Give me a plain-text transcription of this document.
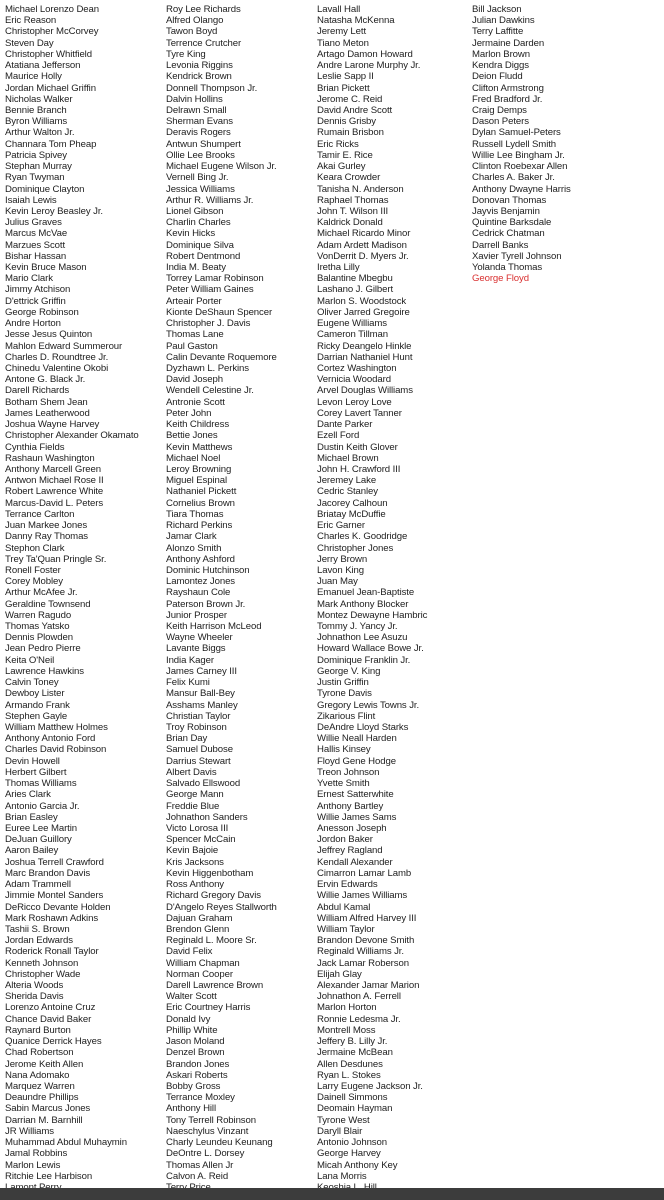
Michael Lorenzo Dean
Eric Reason
Christopher McCorvey
Steven Day
Christopher Whitfield
Atatiana Jefferson
Maurice Holly
Jordan Michael Griffin
Nicholas Walker
Bennie Branch
Byron Williams
Arthur Walton Jr.
Channara Tom Pheap
Patricia Spivey
Stephan Murray
Ryan Twyman
Dominique Clayton
Isaiah Lewis
Kevin Leroy Beasley Jr.
Julius Graves
Marcus McVae
Marzues Scott
Bishar Hassan
Kevin Bruce Mason
Mario Clark
Jimmy Atchison
D'ettrick Griffin
George Robinson
Andre Horton
Jesse Jesus Quinton
Mahlon Edward Summerour
Charles D. Roundtree Jr.
Chinedu Valentine Okobi
Antone G. Black Jr.
Darell Richards
Botham Shem Jean
James Leatherwood
Joshua Wayne Harvey
Christopher Alexander Okamato
Cynthia Fields
Rashaun Washington
Anthony Marcell Green
Antwon Michael Rose II
Robert Lawrence White
Marcus-David L. Peters
Terrance Carlton
Juan Markee Jones
Danny Ray Thomas
Stephon Clark
Trey Ta'Quan Pringle Sr.
Ronell Foster
Corey Mobley
Arthur McAfee Jr.
Geraldine Townsend
Warren Ragudo
Thomas Yatsko
Dennis Plowden
Jean Pedro Pierre
Keita O'Neil
Lawrence Hawkins
Calvin Toney
Dewboy Lister
Armando Frank
Stephen Gayle
William Matthew Holmes
Anthony Antonio Ford
Charles David Robinson
Devin Howell
Herbert Gilbert
Thomas Williams
Aries Clark
Antonio Garcia Jr.
Brian Easley
Euree Lee Martin
DeJuan Guillory
Aaron Bailey
Joshua Terrell Crawford
Marc Brandon Davis
Adam Trammell
Jimmie Montel Sanders
DeRicco Devante Holden
Mark Roshawn Adkins
Tashii S. Brown
Jordan Edwards
Roderick Ronall Taylor
Kenneth Johnson
Christopher Wade
Alteria Woods
Sherida Davis
Lorenzo Antoine Cruz
Chance David Baker
Raynard Burton
Quanice Derrick Hayes
Chad Robertson
Jerome Keith Allen
Nana Adomako
Marquez Warren
Deaundre Phillips
Sabin Marcus Jones
Darrian M. Barnhill
JR Williams
Muhammad Abdul Muhaymin
Jamal Robbins
Marlon Lewis
Ritchie Lee Harbison
Roy Lee Richards
Alfred Olango
Tawon Boyd
Terrence Crutcher
Tyre King
Levonia Riggins
Kendrick Brown
Donnell Thompson Jr.
Dalvin Hollins
Delrawn Small
Sherman Evans
Deravis Rogers
Antwun Shumpert
Ollie Lee Brooks
Michael Eugene Wilson Jr.
Vernell Bing Jr.
Jessica Williams
Arthur R. Williams Jr.
Lionel Gibson
Charlin Charles
Kevin Hicks
Dominique Silva
Robert Dentmond
India M. Beaty
Torrey Lamar Robinson
Peter William Gaines
Arteair Porter
Kionte DeShaun Spencer
Christopher J. Davis
Thomas Lane
Paul Gaston
Calin Devante Roquemore
Dyzhawn L. Perkins
David Joseph
Wendell Celestine Jr.
Antronie Scott
Peter John
Keith Childress
Bettie Jones
Kevin Matthews
Michael Noel
Leroy Browning
Miguel Espinal
Nathaniel Pickett
Cornelius Brown
Tiara Thomas
Richard Perkins
Jamar Clark
Alonzo Smith
Anthony Ashford
Dominic Hutchinson
Lamontez Jones
Rayshaun Cole
Paterson Brown Jr.
Junior Prosper
Keith Harrison McLeod
Wayne Wheeler
Lavante Biggs
India Kager
James Carney III
Felix Kumi
Mansur Ball-Bey
Asshams Manley
Christian Taylor
Troy Robinson
Brian Day
Samuel Dubose
Darrius Stewart
Albert Davis
Salvado Ellswood
George Mann
Freddie Blue
Johnathon Sanders
Victo Lorosa III
Spencer McCain
Kevin Bajoie
Kris Jacksons
Kevin Higgenbotham
Ross Anthony
Richard Gregory Davis
D'Angelo Reyes Stallworth
Dajuan Graham
Brendon Glenn
Reginald L. Moore Sr.
David Felix
William Chapman
Norman Cooper
Darell Lawrence Brown
Walter Scott
Eric Courtney Harris
Donald Ivy
Phillip White
Jason Moland
Denzel Brown
Brandon Jones
Askari Roberts
Bobby Gross
Terrance Moxley
Anthony Hill
Tony Terrell Robinson
Naeschylus Vinzant
Charly Leundeu Keunang
DeOntre L. Dorsey
Thomas Allen Jr
Calvon A. Reid
Lavall Hall
Natasha McKenna
Jeremy Lett
Tiano Meton
Artago Damon Howard
Andre Larone Murphy Jr.
Leslie Sapp II
Brian Pickett
Jerome C. Reid
David Andre Scott
Dennis Grisby
Rumain Brisbon
Eric Ricks
Tamir E. Rice
Akai Gurley
Keara Crowder
Tanisha N. Anderson
Raphael Thomas
John T. Wilson III
Kaldrick Donald
Michael Ricardo Minor
Adam Ardett Madison
VonDerrit D. Myers Jr.
Iretha Lilly
Balantine Mbegbu
Lashano J. Gilbert
Marlon S. Woodstock
Oliver Jarred Gregoire
Eugene Williams
Cameron Tillman
Ricky Deangelo Hinkle
Darrian Nathaniel Hunt
Cortez Washington
Vernicia Woodard
Arvel Douglas Williams
Levon Leroy Love
Corey Lavert Tanner
Dante Parker
Ezell Ford
Dustin Keith Glover
Michael Brown
John H. Crawford III
Jeremey Lake
Cedric Stanley
Jacorey Calhoun
Briatay McDuffie
Eric Garner
Charles K. Goodridge
Christopher Jones
Jerry Brown
Lavon King
Juan May
Emanuel Jean-Baptiste
Mark Anthony Blocker
Montez Dewayne Hambric
Tommy J. Yancy Jr.
Johnathon Lee Asuzu
Howard Wallace Bowe Jr.
Dominique Franklin Jr.
George V. King
Justin Griffin
Tyrone Davis
Gregory Lewis Towns Jr.
Zikarious Flint
DeAndre Lloyd Starks
Willie Neall Harden
Hallis Kinsey
Floyd Gene Hodge
Treon Johnson
Yvette Smith
Ernest Satterwhite
Anthony Bartley
Willie James Sams
Anesson Joseph
Jordon Baker
Jeffrey Ragland
Kendall Alexander
Cimarron Lamar Lamb
Ervin Edwards
Willie James Williams
Abdul Kamal
William Alfred Harvey III
William Taylor
Brandon Devone Smith
Reginald Williams Jr.
Jack Lamar Roberson
Elijah Glay
Alexander Jamar Marion
Johnathon A. Ferrell
Marlon Horton
Ronnie Ledesma Jr.
Montrell Moss
Jeffery B. Lilly Jr.
Jermaine McBean
Allen Desdunes
Ryan L. Stokes
Larry Eugene Jackson Jr.
Dainell Simmons
Deomain Hayman
Tyrone West
Daryll Blair
Antonio Johnson
George Harvey
Micah Anthony Key
Lana Morris
Bill Jackson
Julian Dawkins
Terry Laffitte
Jermaine Darden
Marlon Brown
Kendra Diggs
Deion Fludd
Clifton Armstrong
Fred Bradford Jr.
Craig Demps
Dason Peters
Dylan Samuel-Peters
Russell Lydell Smith
Willie Lee Bingham Jr.
Clinton Roebexar Allen
Charles A. Baker Jr.
Anthony Dwayne Harris
Donovan Thomas
Jayvis Benjamin
Quintine Barksdale
Cedrick Chatman
Darrell Banks
Xavier Tyrell Johnson
Yolanda Thomas
George Floyd
